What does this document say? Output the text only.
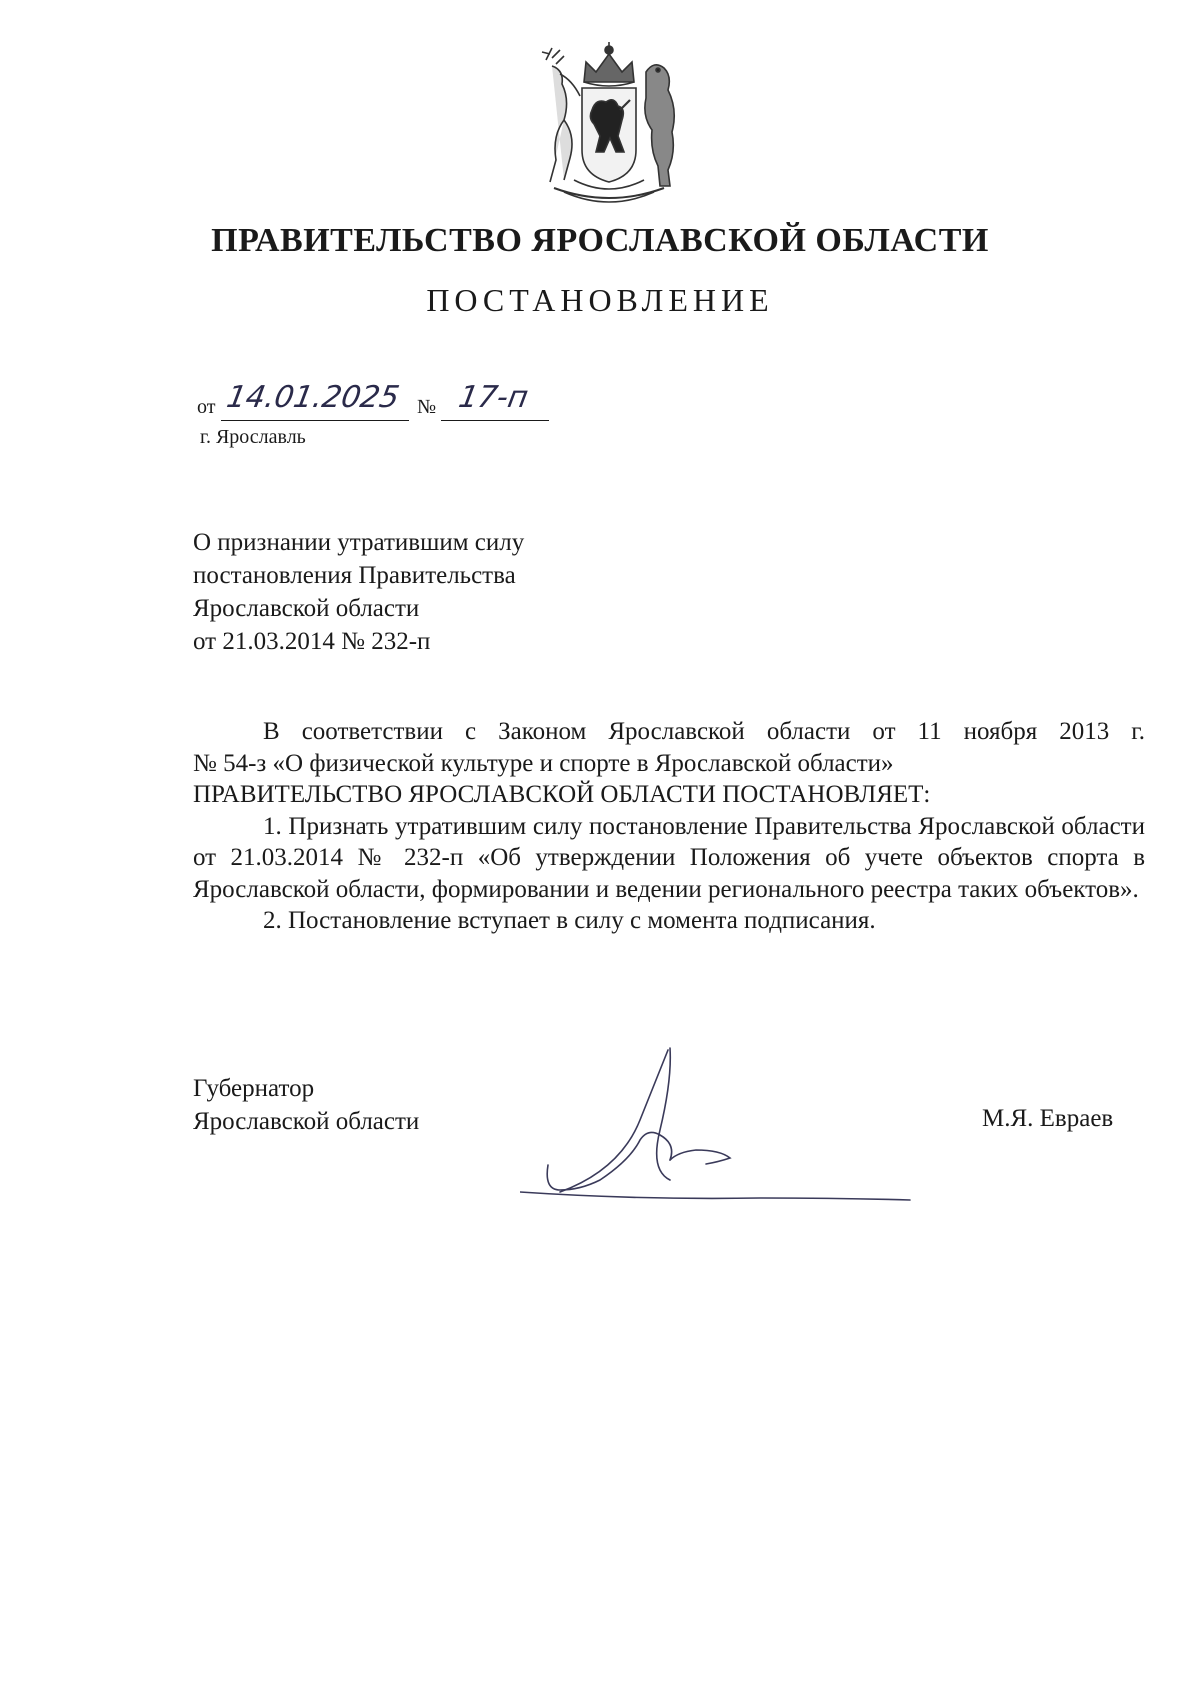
ПРАВИТЕЛЬСТВО ЯРОСЛАВСКОЙ ОБЛАСТИ
ПОСТАНОВЛЕНИЕ
от 14.01.2025 № 17-п
г. Ярославль
О признании утратившим силу
постановления Правительства
Ярославской области
от 21.03.2014 № 232-п

В соответствии с Законом Ярославской области от 11 ноября 2013 г.

№ 54-з «О физической культуре и спорте в Ярославской области»

ПРАВИТЕЛЬСТВО ЯРОСЛАВСКОЙ ОБЛАСТИ ПОСТАНОВЛЯЕТ:

1. Признать утратившим силу постановление Правительства Ярославской области от 21.03.2014 № 232-п «Об утверждении Положения об учете объектов спорта в Ярославской области, формировании и ведении регионального реестра таких объектов».

2. Постановление вступает в силу с момента подписания.

Губернатор
Ярославской области	М.Я. Евраев
